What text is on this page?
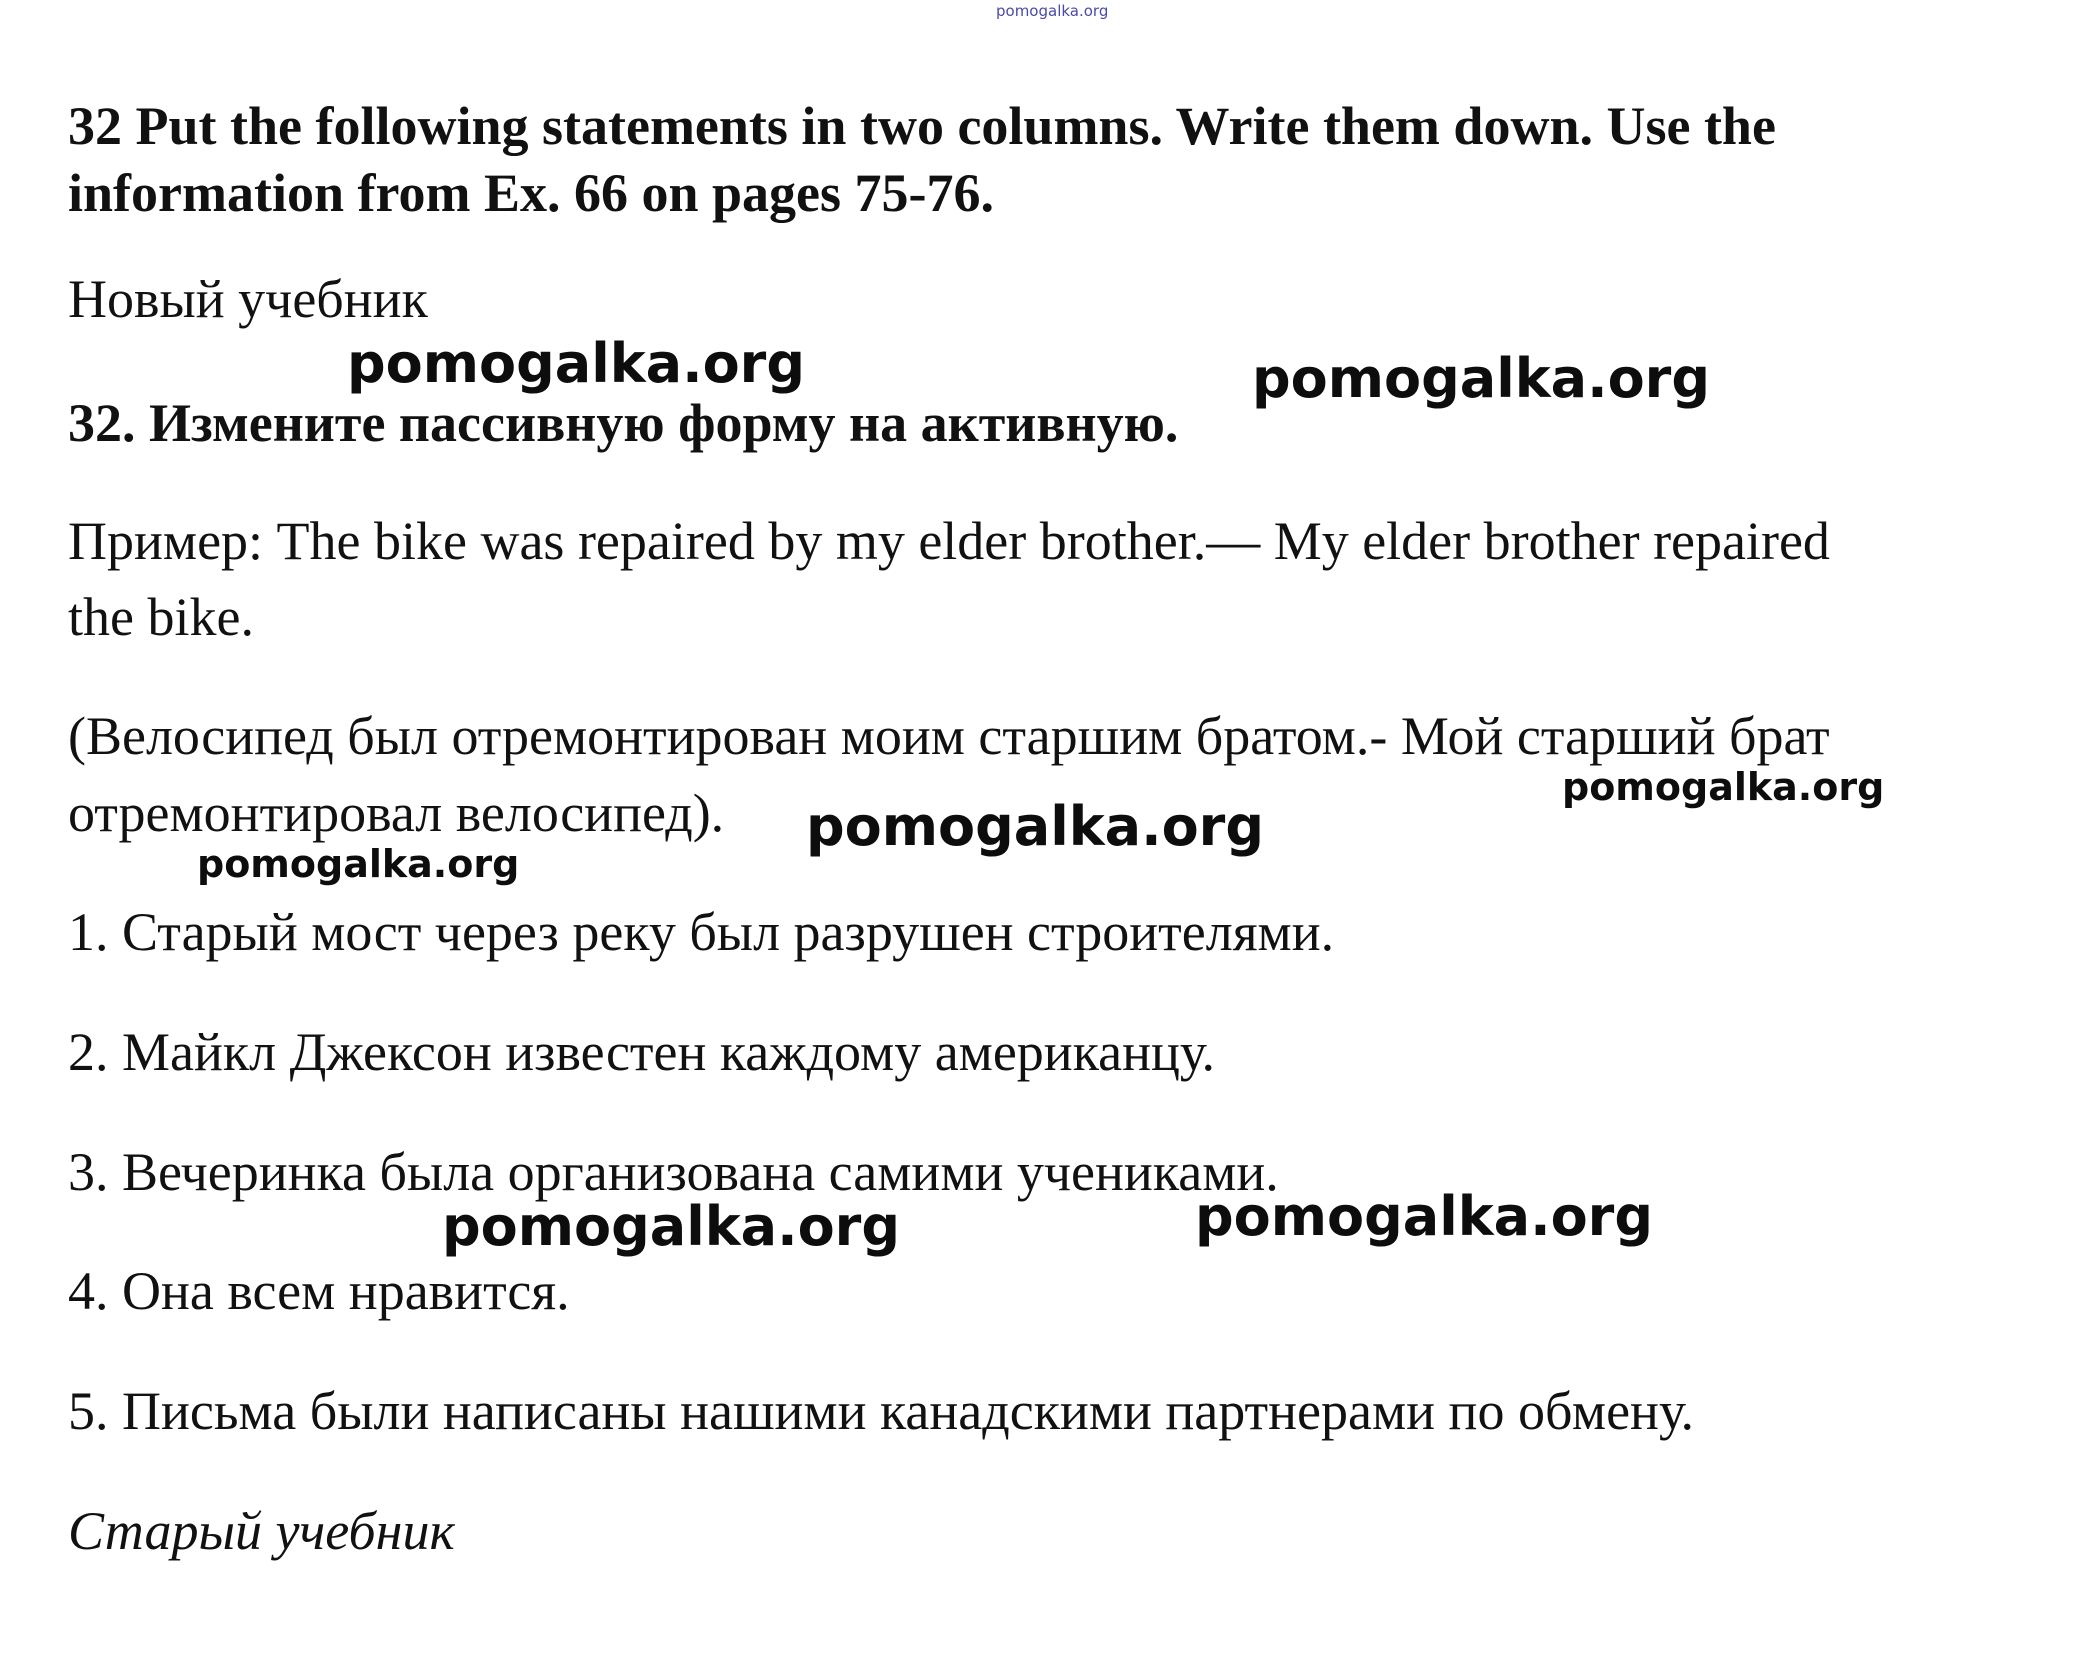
pomogalka.org
32 Put the following statements in two columns. Write them down. Use the
information from Ex. 66 on pages 75-76.
Новый учебник
32. Измените пассивную форму на активную.
Пример: The bike was repaired by my elder brother.— My elder brother repaired
the bike.
(Велосипед был отремонтирован моим старшим братом.- Мой старший брат
отремонтировал велосипед).
1. Старый мост через реку был разрушен строителями.
2. Майкл Джексон известен каждому американцу.
3. Вечеринка была организована самими учениками.
4. Она всем нравится.
5. Письма были написаны нашими канадскими партнерами по обмену.
Старый учебник
pomogalka.org	pomogalka.org
pomogalka.org
pomogalka.org
pomogalka.org
pomogalka.org	pomogalka.org
